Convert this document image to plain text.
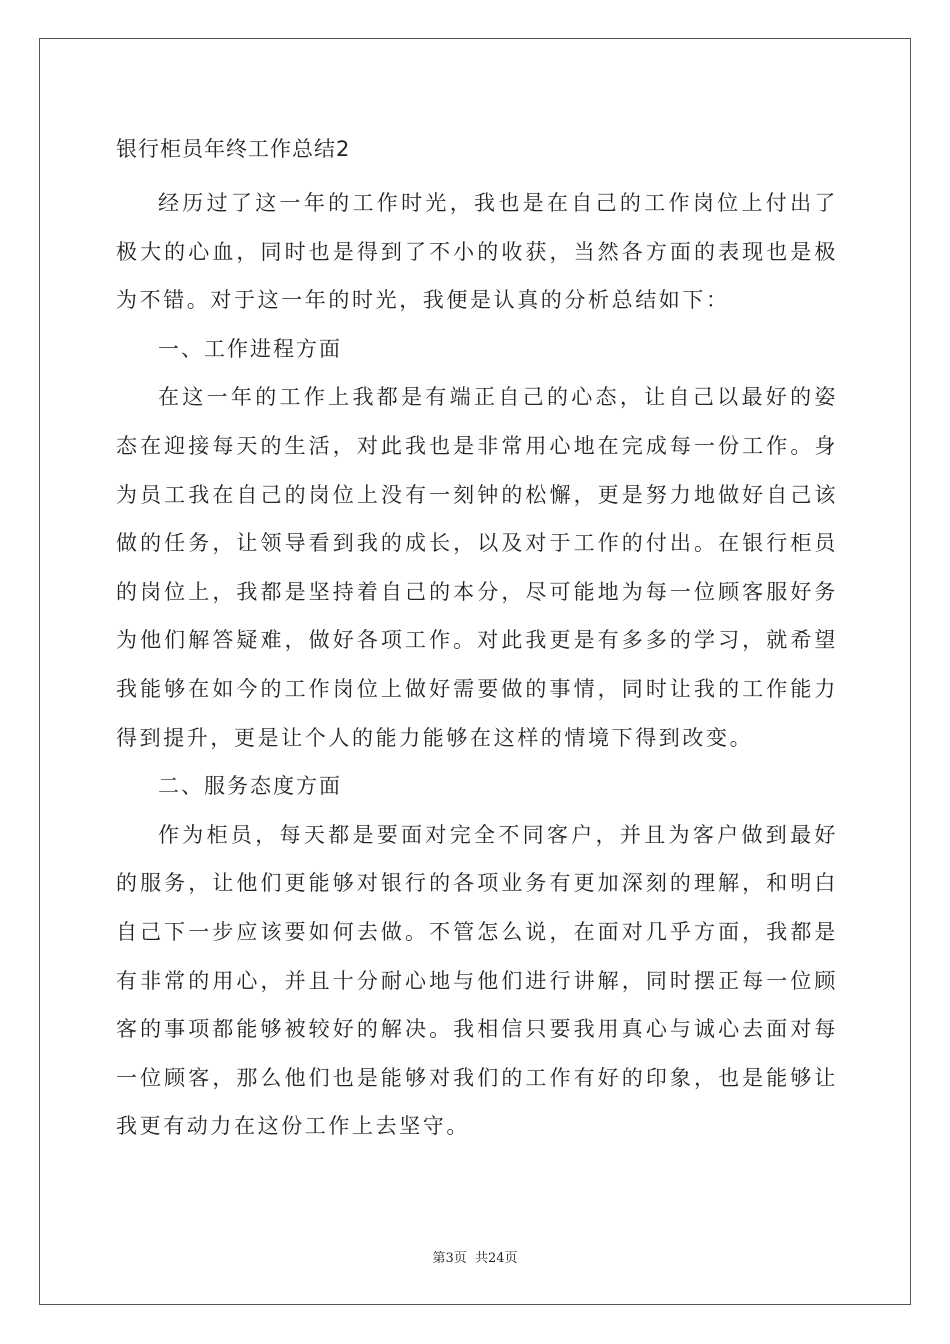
银行柜员年终工作总结2

经历过了这一年的工作时光，我也是在自己的工作岗位上付出了极大的心血，同时也是得到了不小的收获，当然各方面的表现也是极为不错。对于这一年的时光，我便是认真的分析总结如下：

一、工作进程方面

在这一年的工作上我都是有端正自己的心态，让自己以最好的姿态在迎接每天的生活，对此我也是非常用心地在完成每一份工作。身为员工我在自己的岗位上没有一刻钟的松懈，更是努力地做好自己该做的任务，让领导看到我的成长，以及对于工作的付出。在银行柜员的岗位上，我都是坚持着自己的本分，尽可能地为每一位顾客服好务为他们解答疑难，做好各项工作。对此我更是有多多的学习，就希望我能够在如今的工作岗位上做好需要做的事情，同时让我的工作能力得到提升，更是让个人的能力能够在这样的情境下得到改变。

二、服务态度方面

作为柜员，每天都是要面对完全不同客户，并且为客户做到最好的服务，让他们更能够对银行的各项业务有更加深刻的理解，和明白自己下一步应该要如何去做。不管怎么说，在面对几乎方面，我都是有非常的用心，并且十分耐心地与他们进行讲解，同时摆正每一位顾客的事项都能够被较好的解决。我相信只要我用真心与诚心去面对每一位顾客，那么他们也是能够对我们的工作有好的印象，也是能够让我更有动力在这份工作上去坚守。

第3页 共24页
